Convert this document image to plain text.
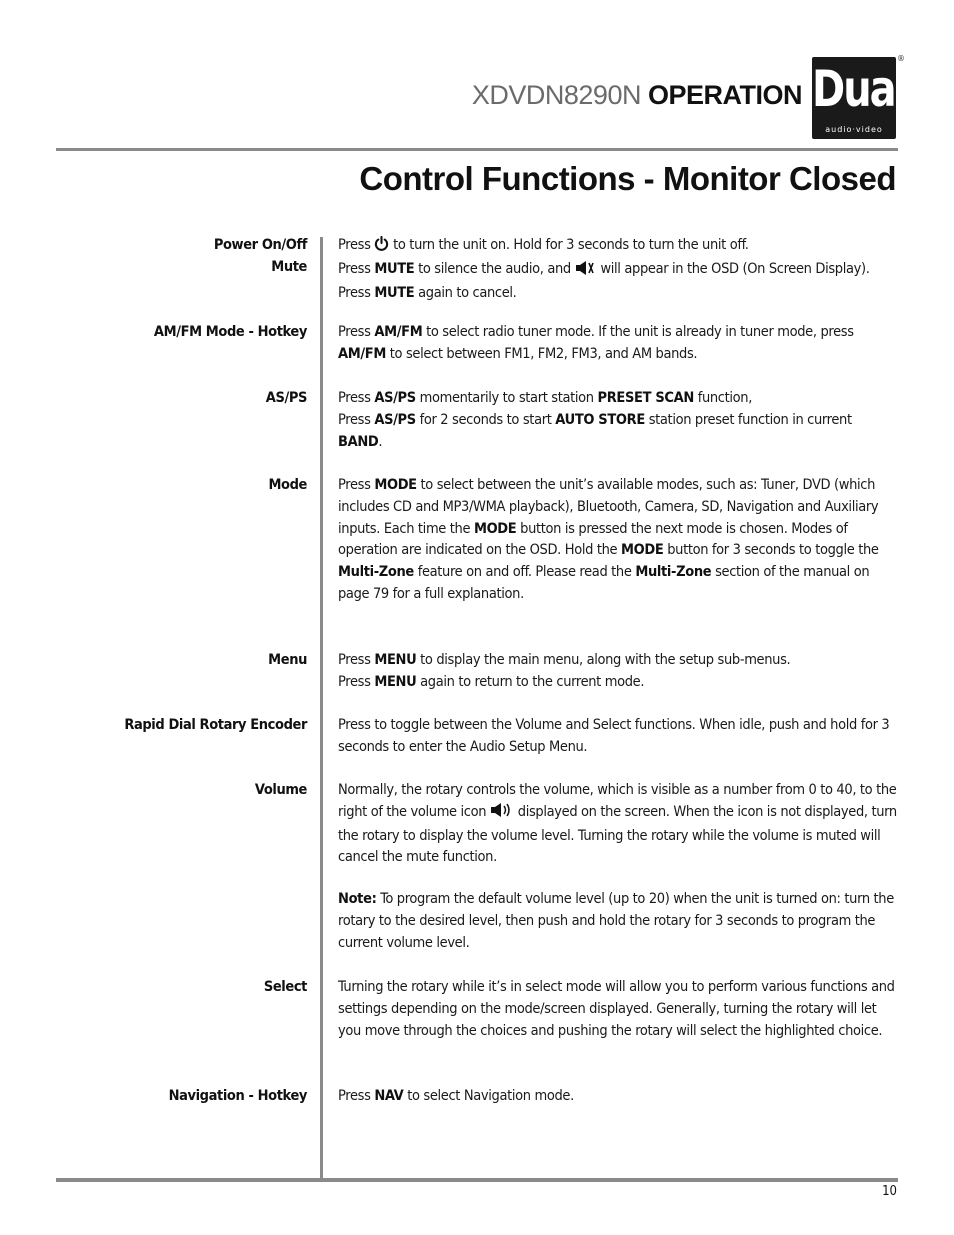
XDVDN8290N OPERATION Dual
audio·video
®
Control Functions - Monitor Closed
Power On/Off
Mute
AM/FM Mode - Hotkey
AS/PS
Mode
Menu
Rapid Dial Rotary Encoder
Volume
Select
Navigation - Hotkey
Press to turn the unit on. Hold for 3 seconds to turn the unit off.
Press MUTE to silence the audio, and will appear in the OSD (On Screen Display). Press MUTE again to cancel.
Press AM/FM to select radio tuner mode. If the unit is already in tuner mode, press AM/FM to select between FM1, FM2, FM3, and AM bands.
Press AS/PS momentarily to start station PRESET SCAN function,
Press AS/PS for 2 seconds to start AUTO STORE station preset function in current BAND.
Press MODE to select between the unit’s available modes, such as: Tuner, DVD (which includes CD and MP3/WMA playback), Bluetooth, Camera, SD, Navigation and Auxiliary inputs. Each time the MODE button is pressed the next mode is chosen. Modes of operation are indicated on the OSD. Hold the MODE button for 3 seconds to toggle the Multi-Zone feature on and off. Please read the Multi-Zone section of the manual on page 79 for a full explanation.
Press MENU to display the main menu, along with the setup sub-menus.
Press MENU again to return to the current mode.
Press to toggle between the Volume and Select functions. When idle, push and hold for 3 seconds to enter the Audio Setup Menu.
Normally, the rotary controls the volume, which is visible as a number from 0 to 40, to the right of the volume icon displayed on the screen. When the icon is not displayed, turn the rotary to display the volume level. Turning the rotary while the volume is muted will cancel the mute function.
Note: To program the default volume level (up to 20) when the unit is turned on: turn the rotary to the desired level, then push and hold the rotary for 3 seconds to program the current volume level.
Turning the rotary while it’s in select mode will allow you to perform various functions and settings depending on the mode/screen displayed. Generally, turning the rotary will let you move through the choices and pushing the rotary will select the highlighted choice.
Press NAV to select Navigation mode.
10
